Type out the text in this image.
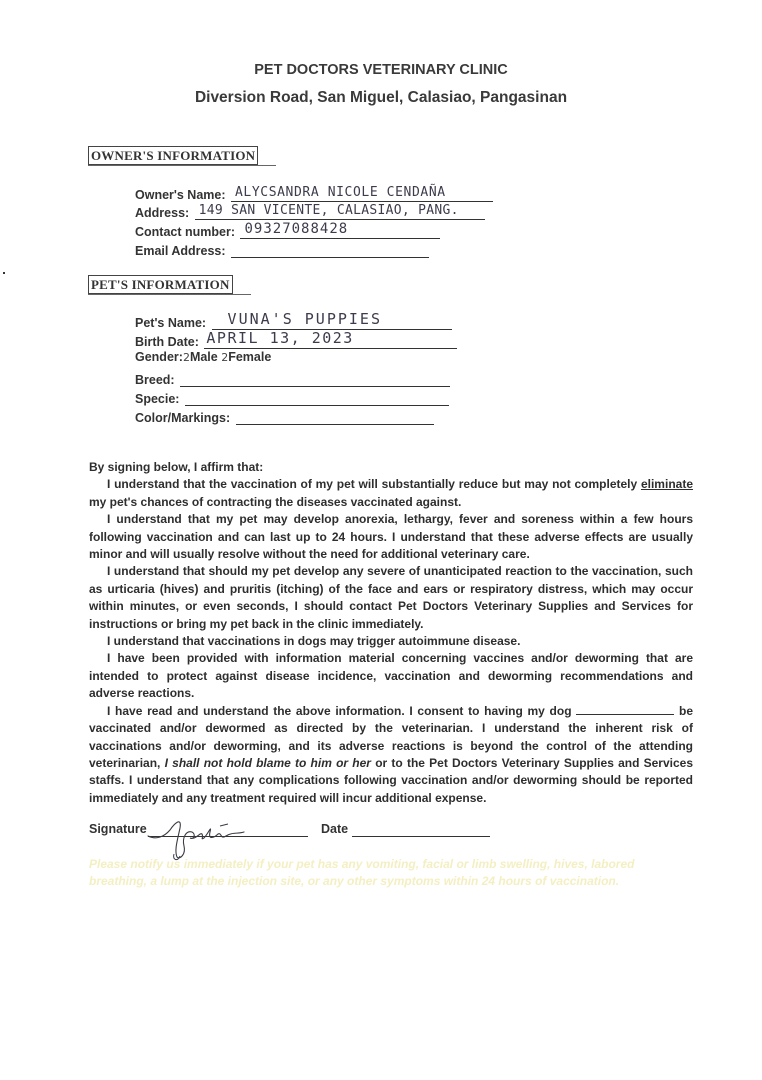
PET DOCTORS VETERINARY CLINIC
Diversion Road, San Miguel, Calasiao, Pangasinan
OWNER'S INFORMATION
Owner's Name: ALYCSANDRA NICOLE CENDAÑA
Address: 149 SAN VICENTE, CALASIAO, PANG.
Contact number: 09327088428
Email Address:
PET'S INFORMATION
Pet's Name: VUNA'S PUPPIES
Birth Date: APRIL 13, 2023
Gender:2Male 2Female
Breed:
Specie:
Color/Markings:

By signing below, I affirm that:

I understand that the vaccination of my pet will substantially reduce but may not completely eliminate my pet's chances of contracting the diseases vaccinated against.

I understand that my pet may develop anorexia, lethargy, fever and soreness within a few hours following vaccination and can last up to 24 hours. I understand that these adverse effects are usually minor and will usually resolve without the need for additional veterinary care.

I understand that should my pet develop any severe of unanticipated reaction to the vaccination, such as urticaria (hives) and pruritis (itching) of the face and ears or respiratory distress, which may occur within minutes, or even seconds, I should contact Pet Doctors Veterinary Supplies and Services for instructions or bring my pet back in the clinic immediately.

I understand that vaccinations in dogs may trigger autoimmune disease.

I have been provided with information material concerning vaccines and/or deworming that are intended to protect against disease incidence, vaccination and deworming recommendations and adverse reactions.

I have read and understand the above information. I consent to having my dog	be vaccinated and/or dewormed as directed by the veterinarian. I understand the inherent risk of vaccinations and/or deworming, and its adverse reactions is beyond the control of the attending veterinarian, I shall not hold blame to him or her or to the Pet Doctors Veterinary Supplies and Services staffs. I understand that any complications following vaccination and/or deworming should be reported immediately and any treatment required will incur additional expense.

Signature	Date
Please notify us immediately if your pet has any vomiting, facial or limb swelling, hives, labored breathing, a lump at the injection site, or any other symptoms within 24 hours of vaccination.
